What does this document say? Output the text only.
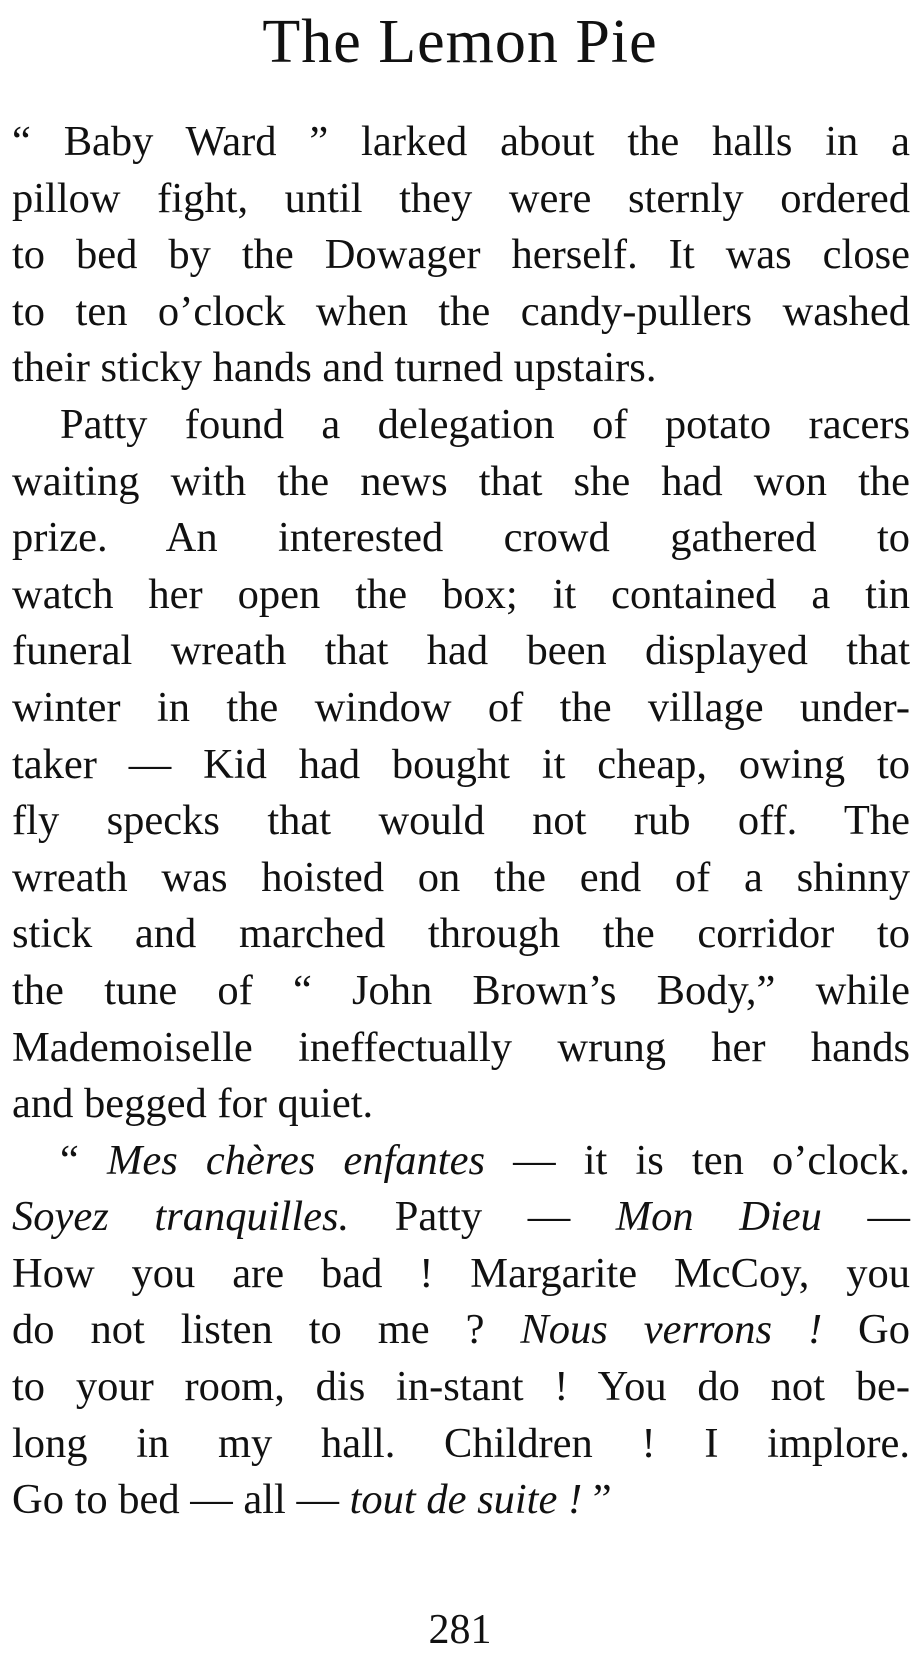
The Lemon Pie
“ Baby Ward ” larked about the halls in a
pillow fight, until they were sternly ordered
to bed by the Dowager herself. It was close
to ten o’clock when the candy-pullers washed
their sticky hands and turned upstairs.
Patty found a delegation of potato racers
waiting with the news that she had won the
prize. An interested crowd gathered to
watch her open the box; it contained a tin
funeral wreath that had been displayed that
winter in the window of the village under-
taker — Kid had bought it cheap, owing to
fly specks that would not rub off. The
wreath was hoisted on the end of a shinny
stick and marched through the corridor to
the tune of “ John Brown’s Body,” while
Mademoiselle ineffectually wrung her hands
and begged for quiet.
“ Mes chères enfantes — it is ten o’clock.
Soyez tranquilles. Patty — Mon Dieu —
How you are bad ! Margarite McCoy, you
do not listen to me ? Nous verrons ! Go
to your room, dis in-stant ! You do not be-
long in my hall. Children ! I implore.
Go to bed — all — tout de suite ! ”
281
